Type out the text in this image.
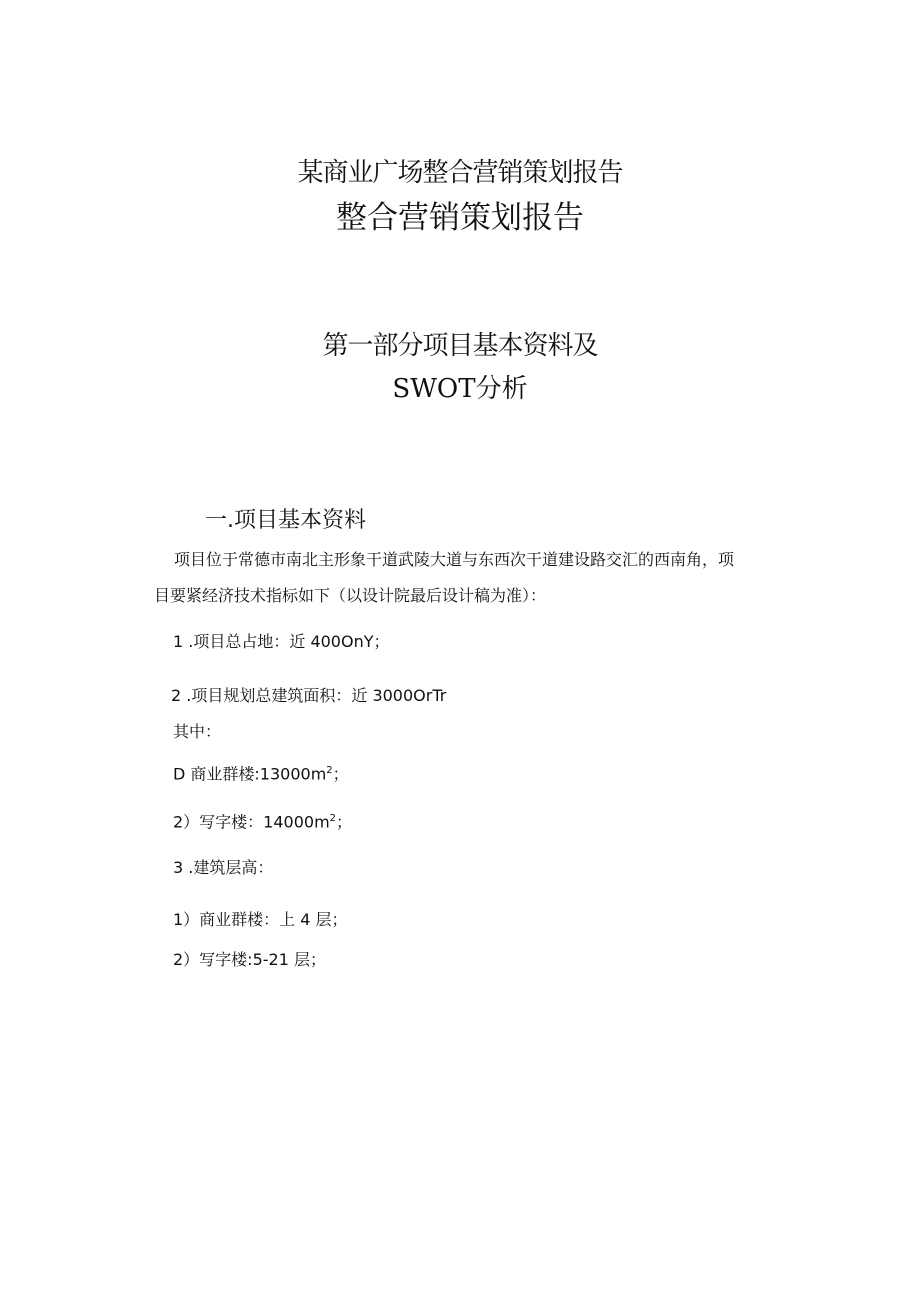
某商业广场整合营销策划报告
整合营销策划报告
第一部分项目基本资料及
SWOT分析
一.项目基本资料
项目位于常德市南北主形象干道武陵大道与东西次干道建设路交汇的西南角，项
目要紧经济技术指标如下（以设计院最后设计稿为准）：
1 .项目总占地：近 400OnY；
2 .项目规划总建筑面积：近 3000OrTr
其中：
D 商业群楼$:13000m^2$；
2）写字楼：$14000m^2$；
3 .建筑层高：
1）商业群楼：上 4 层；
2）写字楼:5-21 层；
